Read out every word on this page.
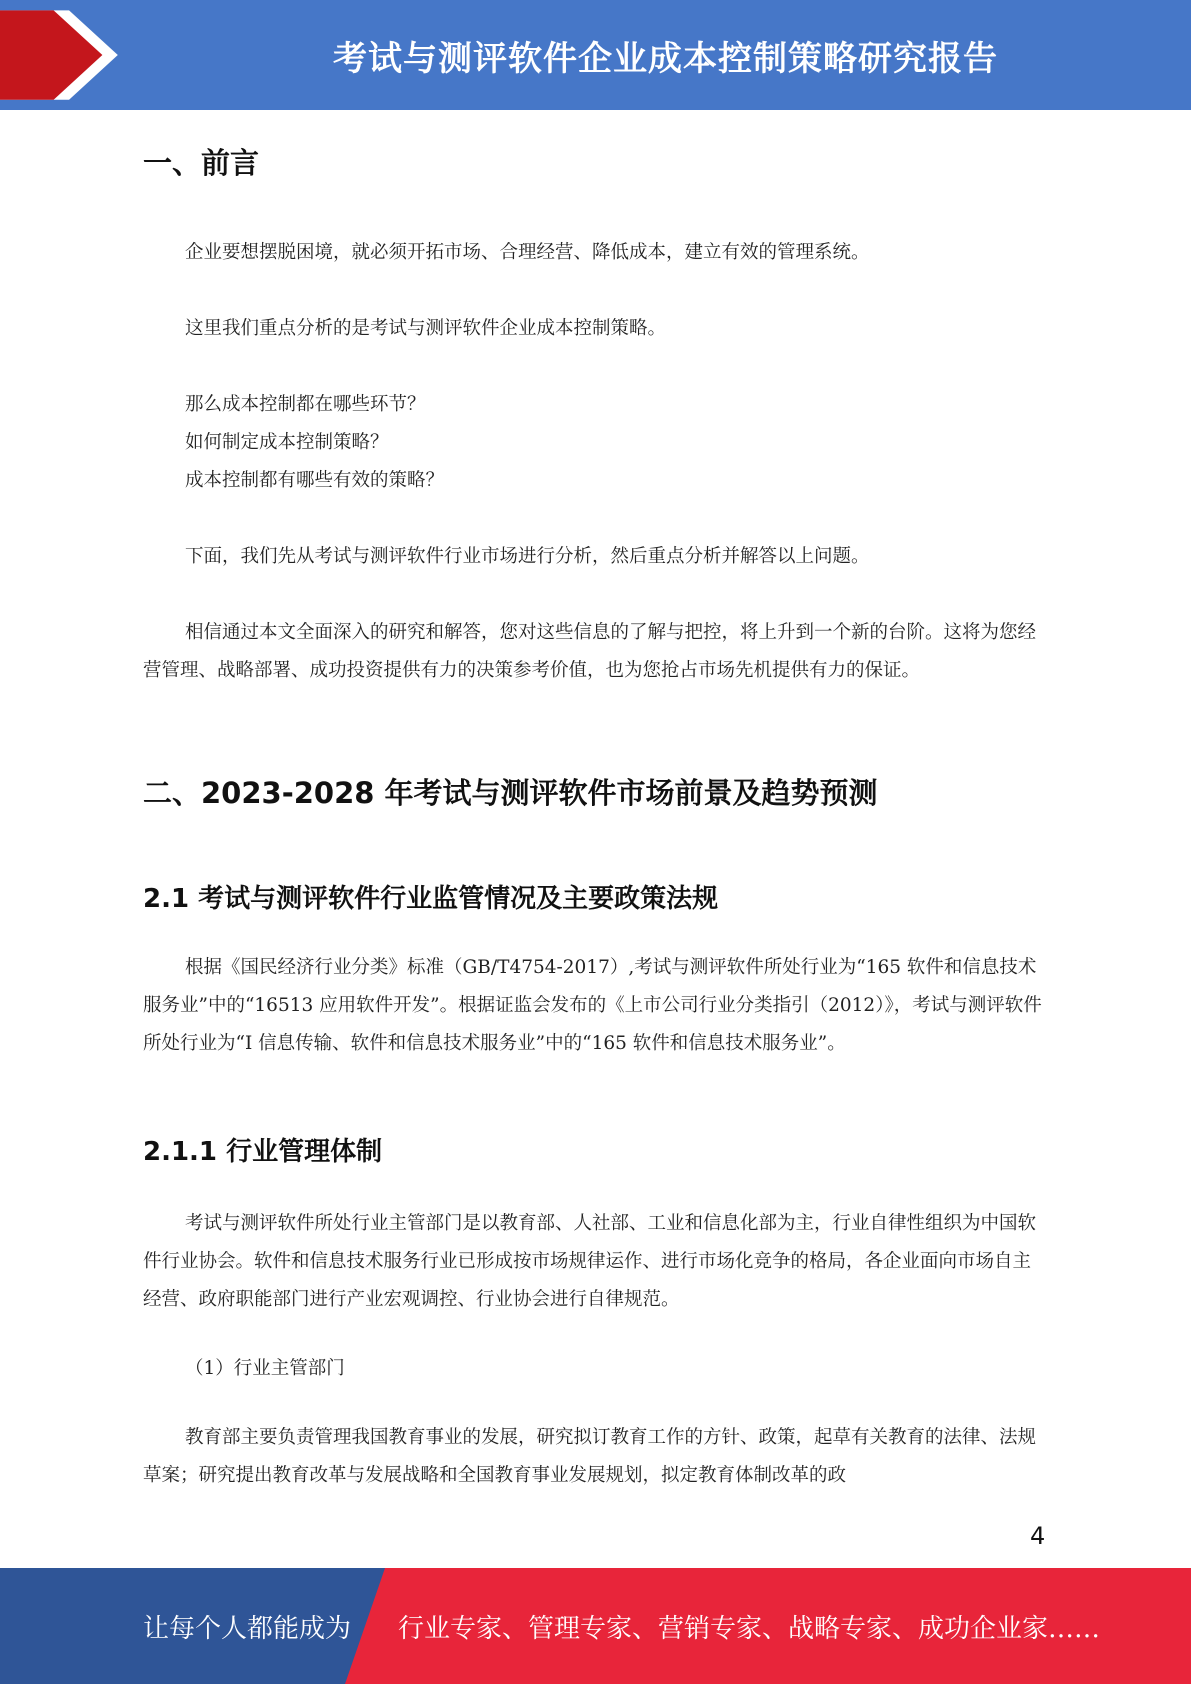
考试与测评软件企业成本控制策略研究报告
一、前言
企业要想摆脱困境，就必须开拓市场、合理经营、降低成本，建立有效的管理系统。
这里我们重点分析的是考试与测评软件企业成本控制策略。
那么成本控制都在哪些环节？
如何制定成本控制策略？
成本控制都有哪些有效的策略？
下面，我们先从考试与测评软件行业市场进行分析，然后重点分析并解答以上问题。
相信通过本文全面深入的研究和解答，您对这些信息的了解与把控，将上升到一个新的台阶。这将为您经营管理、战略部署、成功投资提供有力的决策参考价值，也为您抢占市场先机提供有力的保证。
二、2023-2028 年考试与测评软件市场前景及趋势预测
2.1 考试与测评软件行业监管情况及主要政策法规
根据《国民经济行业分类》标准（GB/T4754-2017）,考试与测评软件所处行业为“165 软件和信息技术服务业”中的“16513 应用软件开发”。根据证监会发布的《上市公司行业分类指引（2012）》，考试与测评软件所处行业为“I 信息传输、软件和信息技术服务业”中的“165 软件和信息技术服务业”。
2.1.1 行业管理体制
考试与测评软件所处行业主管部门是以教育部、人社部、工业和信息化部为主，行业自律性组织为中国软件行业协会。软件和信息技术服务行业已形成按市场规律运作、进行市场化竞争的格局，各企业面向市场自主经营、政府职能部门进行产业宏观调控、行业协会进行自律规范。
（1）行业主管部门
教育部主要负责管理我国教育事业的发展，研究拟订教育工作的方针、政策，起草有关教育的法律、法规草案；研究提出教育改革与发展战略和全国教育事业发展规划，拟定教育体制改革的政
4
让每个人都能成为 行业专家、管理专家、营销专家、战略专家、成功企业家……
